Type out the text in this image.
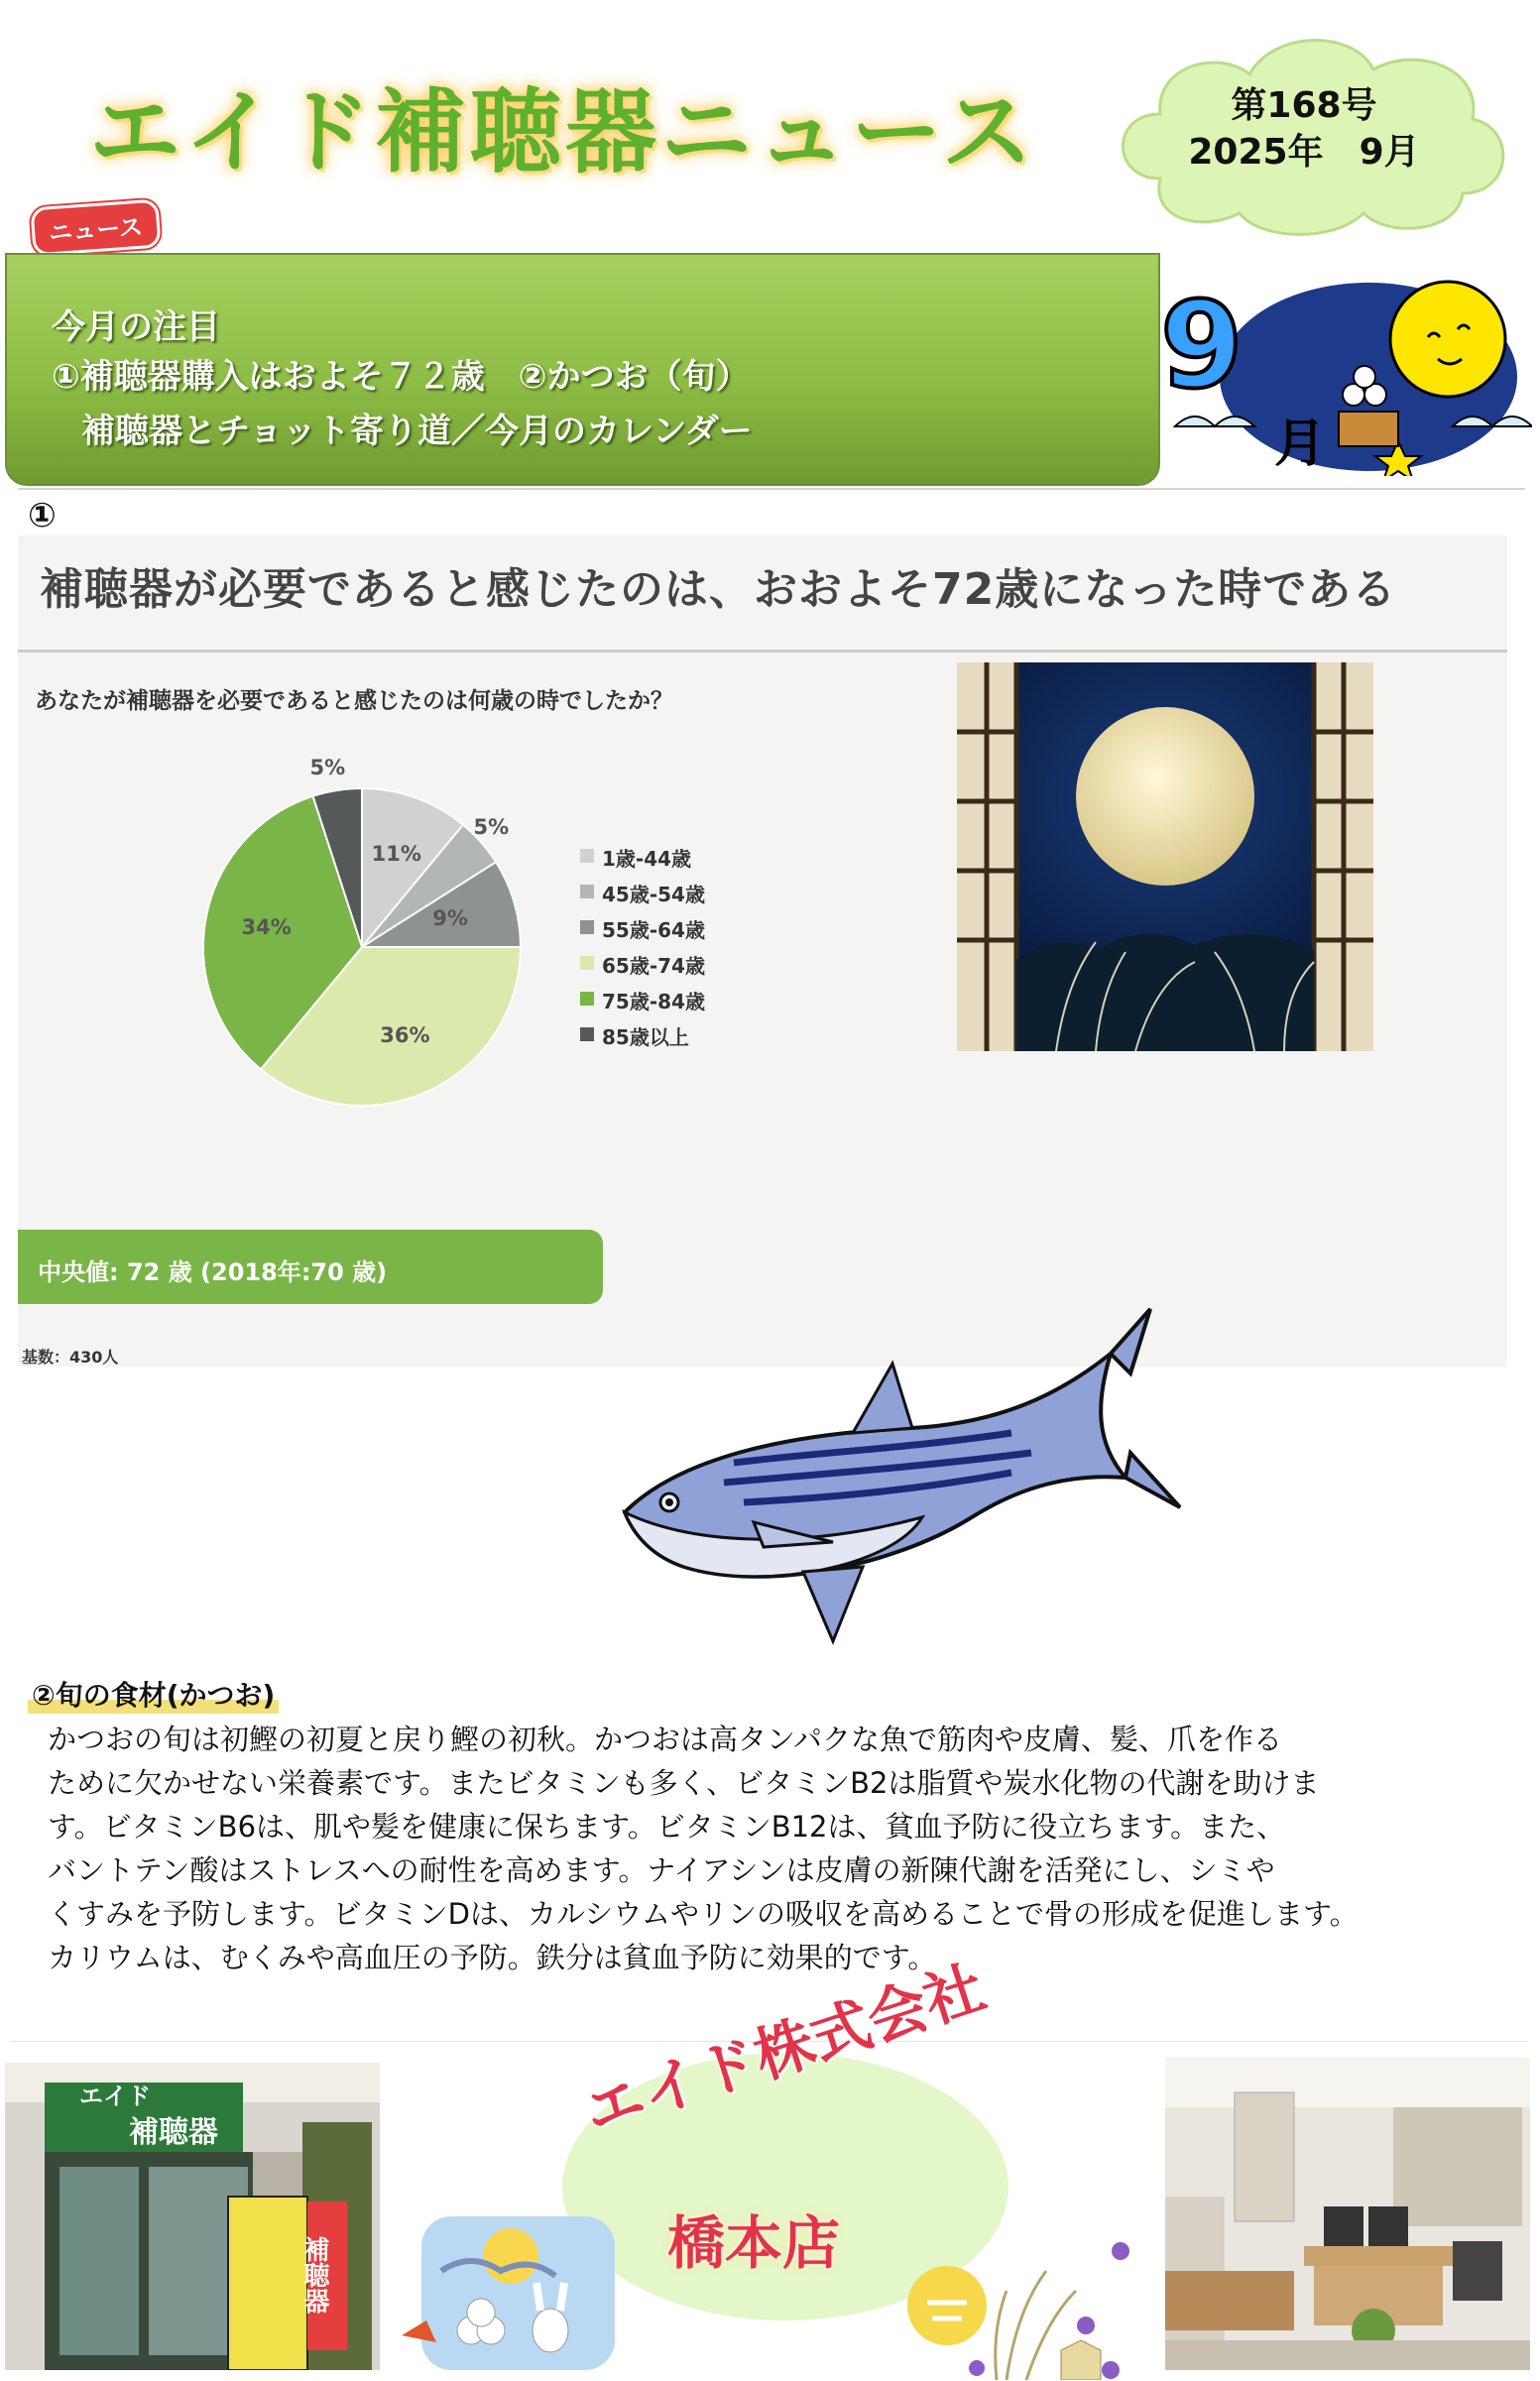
エイド補聴器ニュース	第168号
2025年　9月
ニュース
今月の注目
①補聴器購入はおよそ７２歳　②かつお（旬）
補聴器とチョット寄り道／今月のカレンダー
9
月
①
補聴器が必要であると感じたのは、おおよそ72歳になった時である
あなたが補聴器を必要であると感じたのは何歳の時でしたか？
11%
5%
9%
36%
34%
5%
1歳-44歳
45歳-54歳
55歳-64歳
65歳-74歳
75歳-84歳
85歳以上
中央値: 72 歳 (2018年:70 歳)
基数：430人
②旬の食材(かつお)
かつおの旬は初鰹の初夏と戻り鰹の初秋。かつおは高タンパクな魚で筋肉や皮膚、髪、爪を作る
ために欠かせない栄養素です。またビタミンも多く、ビタミンB2は脂質や炭水化物の代謝を助けま
す。ビタミンB6は、肌や髪を健康に保ちます。ビタミンB12は、貧血予防に役立ちます。また、
バントテン酸はストレスへの耐性を高めます。ナイアシンは皮膚の新陳代謝を活発にし、シミや
くすみを予防します。ビタミンDは、カルシウムやリンの吸収を高めることで骨の形成を促進します。
カリウムは、むくみや高血圧の予防。鉄分は貧血予防に効果的です。
エイド
補聴器
補聴器
エイド株式会社
橋本店
